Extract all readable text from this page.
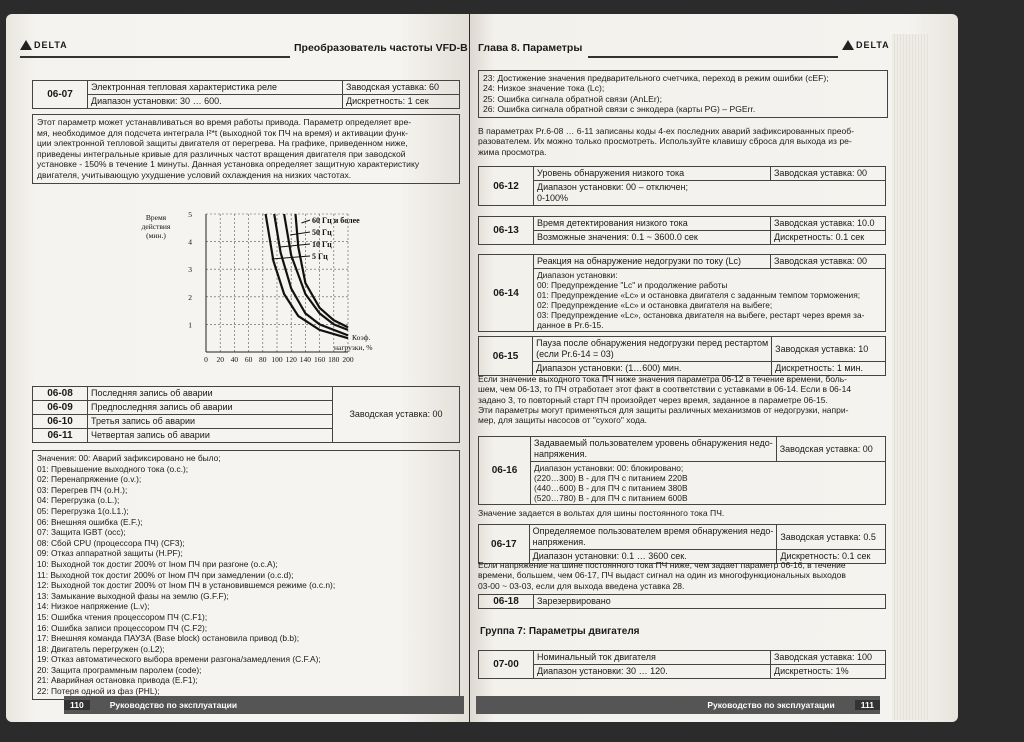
DELTA	Преобразователь частоты VFD-B
06-07	Электронная тепловая характеристика реле	Заводская уставка: 60
	Диапазон установки: 30 … 600.	Дискретность: 1 сек
Этот параметр может устанавливаться во время работы привода. Параметр определяет вре-
мя, необходимое для подсчета интеграла I²*t (выходной ток ПЧ на время) и активации функ-
ции электронной тепловой защиты двигателя от перегрева. На графике, приведенном ниже,
приведены интегральные кривые для различных частот вращения двигателя при заводской
установке - 150% в течение 1 минуты. Данная установка определяет защитную характеристику
двигателя, учитывающую ухудшение условий охлаждения на низких частотах.
0 20 40 60 80 100 120 140 160 180 200
1
2
3
4
5
Время
действия
(мин.)
Коэф.
нагрузки, %
60 Гц и более
50 Гц
10 Гц
5 Гц
06-08	Последняя запись об аварии	Заводская уставка: 00
06-09	Предпоследняя запись об аварии	
06-10	Третья запись об аварии	
06-11	Четвертая запись об аварии	
Значения: 00: Аварий зафиксировано не было;
01: Превышение выходного тока (o.c.);
02: Перенапряжение (o.v.);
03: Перегрев ПЧ (o.H.);
04: Перегрузка (o.L.);
05: Перегрузка 1(o.L1.);
06: Внешняя ошибка (E.F.);
07: Защита IGBT (occ);
08: Сбой CPU (процессора ПЧ) (CF3);
09: Отказ аппаратной защиты (H.PF);
10: Выходной ток достиг 200% от Iном ПЧ при разгоне (o.c.A);
11: Выходной ток достиг 200% от Iном ПЧ при замедлении (o.c.d);
12: Выходной ток достиг 200% от Iном ПЧ в установившемся режиме (o.c.n);
13: Замыкание выходной фазы на землю (G.F.F);
14: Низкое напряжение (L.v);
15: Ошибка чтения процессором ПЧ (C.F1);
16: Ошибка записи процессором ПЧ (C.F2);
17: Внешняя команда ПАУЗА (Base block) остановила привод (b.b);
18: Двигатель перегружен (o.L2);
19: Отказ автоматического выбора времени разгона/замедления (C.F.A);
20: Защита программным паролем (code);
21: Аварийная остановка привода (E.F1);
22: Потеря одной из фаз (PHL);
110	Руководство по эксплуатации
Глава 8. Параметры	DELTA
23: Достижение значения предварительного счетчика, переход в режим ошибки (cEF);
24: Низкое значение тока (Lc);
25: Ошибка сигнала обратной связи (AnLEr);
26: Ошибка сигнала обратной связи с энкодера (карты PG) – PGErr.
В параметрах Pr.6-08 … 6-11 записаны коды 4-ех последних аварий зафиксированных преоб-
разователем. Их можно только просмотреть. Используйте клавишу сброса для выхода из ре-
жима просмотра.
06-12	Уровень обнаружения низкого тока	Заводская уставка: 00

Диапазон установки: 00 – отключен;
0-100%
06-13	Время детектирования низкого тока	Заводская уставка: 10.0
	Возможные значения: 0.1 ~ 3600.0 сек	Дискретность: 0.1 сек
06-14	Реакция на обнаружение недогрузки по току (Lc)	Заводская уставка: 00

Диапазон установки:
00: Предупреждение "Lc" и продолжение работы
01: Предупреждение «Lc» и остановка двигателя с заданным темпом торможения;
02: Предупреждение «Lc» и остановка двигателя на выбеге;
03: Предупреждение «Lc», остановка двигателя на выбеге, рестарт через время за-
данное в Pr.6-15.
06-15	Пауза после обнаружения недогрузки перед рестартом
(если Pr.6-14 = 03)	Заводская уставка: 10
	Диапазон установки: (1…600) мин.	Дискретность: 1 мин.
Если значение выходного тока ПЧ ниже значения параметра 06-12 в течение времени, боль-
шем, чем 06-13, то ПЧ отработает этот факт в соответствии с уставками в 06-14. Если в 06-14
задано 3, то повторный старт ПЧ произойдет через время, заданное в параметре 06-15.
Эти параметры могут применяться для защиты различных механизмов от недогрузки, напри-
мер, для защиты насосов от "сухого" хода.
06-16	
Задаваемый пользователем уровень обнаружения недо-
напряжения.
	Заводская уставка: 00

Диапазон установки: 00: блокировано;
(220…300) В - для ПЧ с питанием 220В
(440…600) В - для ПЧ с питанием 380В
(520…780) В - для ПЧ с питанием 600В
Значение задается в вольтах для шины постоянного тока ПЧ.
06-17	Определяемое пользователем время обнаружения недо-
напряжения.	Заводская уставка: 0.5
	Диапазон установки: 0.1 … 3600 сек.	Дискретность: 0.1 сек
Если напряжение на шине постоянного тока ПЧ ниже, чем задает параметр 06-16, в течение
времени, большем, чем 06-17, ПЧ выдаст сигнал на один из многофункциональных выходов
03-00 ~ 03-03, если для выхода введена уставка 28.
06-18	Зарезервировано
Группа 7: Параметры двигателя
07-00	Номинальный ток двигателя	Заводская уставка: 100
	Диапазон установки: 30 … 120.	Дискретность: 1%
Руководство по эксплуатации	111
